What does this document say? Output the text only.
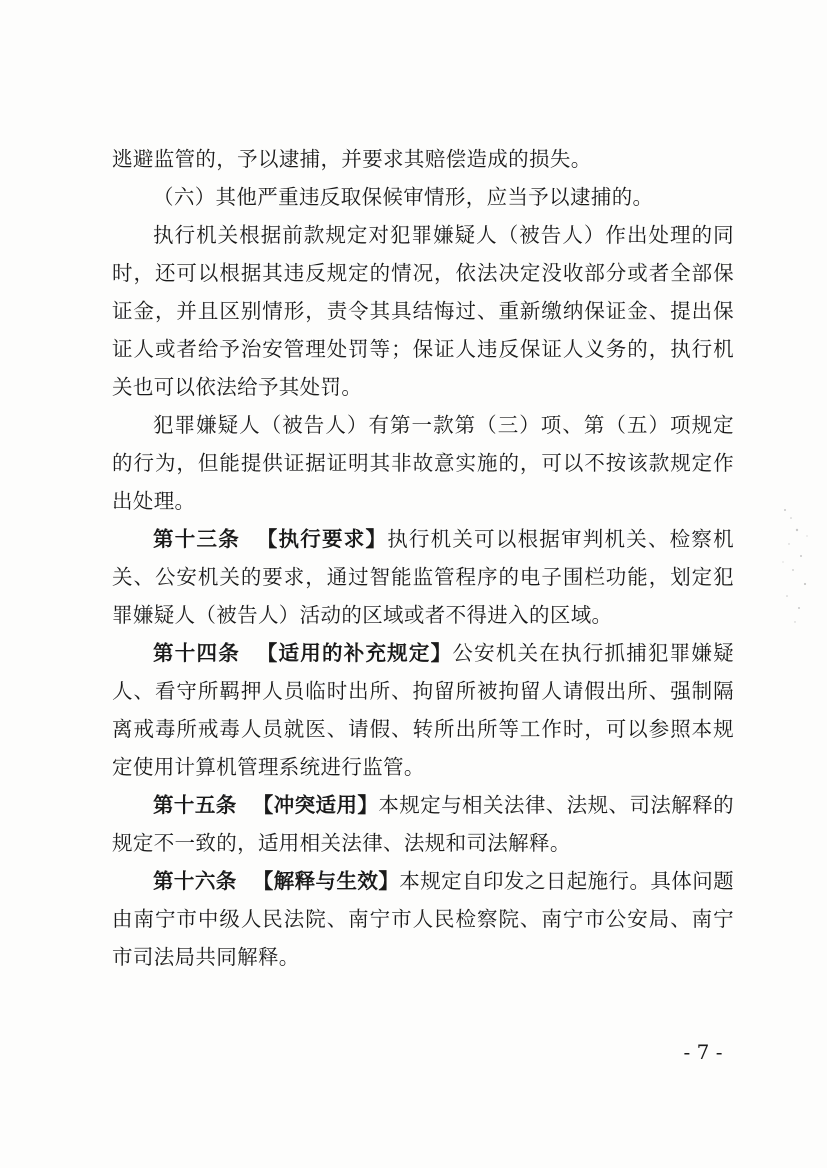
逃避监管的，予以逮捕，并要求其赔偿造成的损失。

（六）其他严重违反取保候审情形，应当予以逮捕的。

执行机关根据前款规定对犯罪嫌疑人（被告人）作出处理的同时，还可以根据其违反规定的情况，依法决定没收部分或者全部保证金，并且区别情形，责令其具结悔过、重新缴纳保证金、提出保证人或者给予治安管理处罚等；保证人违反保证人义务的，执行机关也可以依法给予其处罚。

犯罪嫌疑人（被告人）有第一款第（三）项、第（五）项规定的行为，但能提供证据证明其非故意实施的，可以不按该款规定作出处理。

第十三条 【执行要求】执行机关可以根据审判机关、检察机关、公安机关的要求，通过智能监管程序的电子围栏功能，划定犯罪嫌疑人（被告人）活动的区域或者不得进入的区域。

第十四条 【适用的补充规定】公安机关在执行抓捕犯罪嫌疑人、看守所羁押人员临时出所、拘留所被拘留人请假出所、强制隔离戒毒所戒毒人员就医、请假、转所出所等工作时，可以参照本规定使用计算机管理系统进行监管。

第十五条 【冲突适用】本规定与相关法律、法规、司法解释的规定不一致的，适用相关法律、法规和司法解释。

第十六条 【解释与生效】本规定自印发之日起施行。具体问题由南宁市中级人民法院、南宁市人民检察院、南宁市公安局、南宁市司法局共同解释。

- 7 -
